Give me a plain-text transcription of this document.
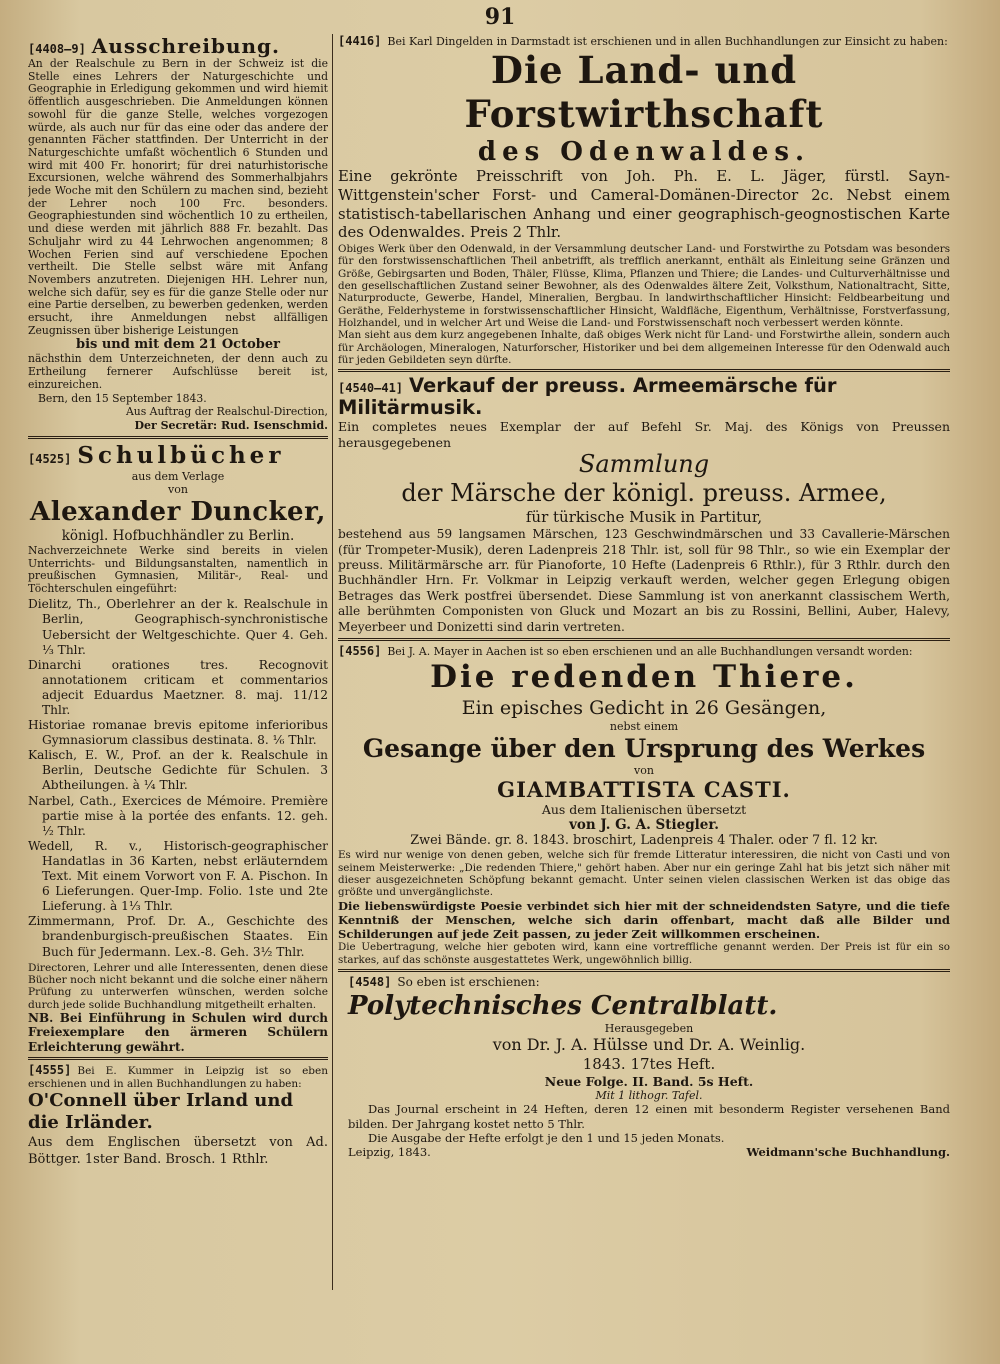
91

[4408—9] Ausschreibung.

An der Realschule zu Bern in der Schweiz ist die Stelle eines Lehrers der Naturgeschichte und Geographie in Erledigung gekommen und wird hiemit öffentlich ausgeschrieben. Die Anmeldungen können sowohl für die ganze Stelle, welches vorgezogen würde, als auch nur für das eine oder das andere der genannten Fächer stattfinden. Der Unterricht in der Naturgeschichte umfaßt wöchentlich 6 Stunden und wird mit 400 Fr. honorirt; für drei naturhistorische Excursionen, welche während des Sommerhalbjahrs jede Woche mit den Schülern zu machen sind, bezieht der Lehrer noch 100 Frc. besonders. Geographiestunden sind wöchentlich 10 zu ertheilen, und diese werden mit jährlich 888 Fr. bezahlt. Das Schuljahr wird zu 44 Lehrwochen angenommen; 8 Wochen Ferien sind auf verschiedene Epochen vertheilt. Die Stelle selbst wäre mit Anfang Novembers anzutreten. Diejenigen HH. Lehrer nun, welche sich dafür, sey es für die ganze Stelle oder nur eine Partie derselben, zu bewerben gedenken, werden ersucht, ihre Anmeldungen nebst allfälligen Zeugnissen über bisherige Leistungen

bis und mit dem 21 October

nächsthin dem Unterzeichneten, der denn auch zu Ertheilung fernerer Aufschlüsse bereit ist, einzureichen.

Bern, den 15 September 1843.

Aus Auftrag der Realschul-Direction,

Der Secretär: Rud. Isenschmid.

[4525] Schulbücher

aus dem Verlage

von

Alexander Duncker,

königl. Hofbuchhändler zu Berlin.

Nachverzeichnete Werke sind bereits in vielen Unterrichts- und Bildungsanstalten, namentlich in preußischen Gymnasien, Militär-, Real- und Töchterschulen eingeführt:

Dielitz, Th., Oberlehrer an der k. Realschule in Berlin, Geographisch-synchronistische Uebersicht der Weltgeschichte. Quer 4. Geh. ⅓ Thlr.

Dinarchi orationes tres. Recognovit annotationem criticam et commentarios adjecit Eduardus Maetzner. 8. maj. 11/12 Thlr.

Historiae romanae brevis epitome inferioribus Gymnasiorum classibus destinata. 8. ⅙ Thlr.

Kalisch, E. W., Prof. an der k. Realschule in Berlin, Deutsche Gedichte für Schulen. 3 Abtheilungen. à ¼ Thlr.

Narbel, Cath., Exercices de Mémoire. Première partie mise à la portée des enfants. 12. geh. ½ Thlr.

Wedell, R. v., Historisch-geographischer Handatlas in 36 Karten, nebst erläuterndem Text. Mit einem Vorwort von F. A. Pischon. In 6 Lieferungen. Quer-Imp. Folio. 1ste und 2te Lieferung. à 1⅓ Thlr.

Zimmermann, Prof. Dr. A., Geschichte des brandenburgisch-preußischen Staates. Ein Buch für Jedermann. Lex.-8. Geh. 3½ Thlr.

Directoren, Lehrer und alle Interessenten, denen diese Bücher noch nicht bekannt und die solche einer nähern Prüfung zu unterwerfen wünschen, werden solche durch jede solide Buchhandlung mitgetheilt erhalten.

NB. Bei Einführung in Schulen wird durch Freiexemplare den ärmeren Schülern Erleichterung gewährt.

[4555] Bei E. Kummer in Leipzig ist so eben erschienen und in allen Buchhandlungen zu haben:

O'Connell über Irland und die Irländer.

Aus dem Englischen übersetzt von Ad. Böttger. 1ster Band. Brosch. 1 Rthlr.

[4416] Bei Karl Dingelden in Darmstadt ist erschienen und in allen Buchhandlungen zur Einsicht zu haben:

Die Land- und Forstwirthschaft

des Odenwaldes.

Eine gekrönte Preisschrift von Joh. Ph. E. L. Jäger, fürstl. Sayn-Wittgenstein'scher Forst- und Cameral-Domänen-Director 2c. Nebst einem statistisch-tabellarischen Anhang und einer geographisch-geognostischen Karte des Odenwaldes. Preis 2 Thlr.

Obiges Werk über den Odenwald, in der Versammlung deutscher Land- und Forstwirthe zu Potsdam was besonders für den forstwissenschaftlichen Theil anbetrifft, als trefflich anerkannt, enthält als Einleitung seine Gränzen und Größe, Gebirgsarten und Boden, Thäler, Flüsse, Klima, Pflanzen und Thiere; die Landes- und Culturverhältnisse und den gesellschaftlichen Zustand seiner Bewohner, als des Odenwaldes ältere Zeit, Volksthum, Nationaltracht, Sitte, Naturproducte, Gewerbe, Handel, Mineralien, Bergbau. In landwirthschaftlicher Hinsicht: Feldbearbeitung und Geräthe, Felderhysteme in forstwissenschaftlicher Hinsicht, Waldfläche, Eigenthum, Verhältnisse, Forstverfassung, Holzhandel, und in welcher Art und Weise die Land- und Forstwissenschaft noch verbessert werden könnte.

Man sieht aus dem kurz angegebenen Inhalte, daß obiges Werk nicht für Land- und Forstwirthe allein, sondern auch für Archäologen, Mineralogen, Naturforscher, Historiker und bei dem allgemeinen Interesse für den Odenwald auch für jeden Gebildeten seyn dürfte.

[4540—41] Verkauf der preuss. Armeemärsche für Militärmusik.

Ein completes neues Exemplar der auf Befehl Sr. Maj. des Königs von Preussen herausgegebenen

Sammlung

der Märsche der königl. preuss. Armee,

für türkische Musik in Partitur,

bestehend aus 59 langsamen Märschen, 123 Geschwindmärschen und 33 Cavallerie-Märschen (für Trompeter-Musik), deren Ladenpreis 218 Thlr. ist, soll für 98 Thlr., so wie ein Exemplar der preuss. Militärmärsche arr. für Pianoforte, 10 Hefte (Ladenpreis 6 Rthlr.), für 3 Rthlr. durch den Buchhändler Hrn. Fr. Volkmar in Leipzig verkauft werden, welcher gegen Erlegung obigen Betrages das Werk postfrei übersendet. Diese Sammlung ist von anerkannt classischem Werth, alle berühmten Componisten von Gluck und Mozart an bis zu Rossini, Bellini, Auber, Halevy, Meyerbeer und Donizetti sind darin vertreten.

[4556] Bei J. A. Mayer in Aachen ist so eben erschienen und an alle Buchhandlungen versandt worden:

Die redenden Thiere.

Ein episches Gedicht in 26 Gesängen,

nebst einem

Gesange über den Ursprung des Werkes

von

GIAMBATTISTA CASTI.

Aus dem Italienischen übersetzt

von J. G. A. Stiegler.

Zwei Bände. gr. 8. 1843. broschirt, Ladenpreis 4 Thaler. oder 7 fl. 12 kr.

Es wird nur wenige von denen geben, welche sich für fremde Litteratur interessiren, die nicht von Casti und von seinem Meisterwerke: „Die redenden Thiere," gehört haben. Aber nur ein geringe Zahl hat bis jetzt sich näher mit dieser ausgezeichneten Schöpfung bekannt gemacht. Unter seinen vielen classischen Werken ist das obige das größte und unvergänglichste.

Die liebenswürdigste Poesie verbindet sich hier mit der schneidendsten Satyre, und die tiefe Kenntniß der Menschen, welche sich darin offenbart, macht daß alle Bilder und Schilderungen auf jede Zeit passen, zu jeder Zeit willkommen erscheinen.

Die Uebertragung, welche hier geboten wird, kann eine vortreffliche genannt werden. Der Preis ist für ein so starkes, auf das schönste ausgestattetes Werk, ungewöhnlich billig.

[4548] So eben ist erschienen:

Polytechnisches Centralblatt.

Herausgegeben

von Dr. J. A. Hülsse und Dr. A. Weinlig.

1843. 17tes Heft.

Neue Folge. II. Band. 5s Heft.

Mit 1 lithogr. Tafel.

Das Journal erscheint in 24 Heften, deren 12 einen mit besonderm Register versehenen Band bilden. Der Jahrgang kostet netto 5 Thlr.

Die Ausgabe der Hefte erfolgt je den 1 und 15 jeden Monats.

Leipzig, 1843.	Weidmann'sche Buchhandlung.
